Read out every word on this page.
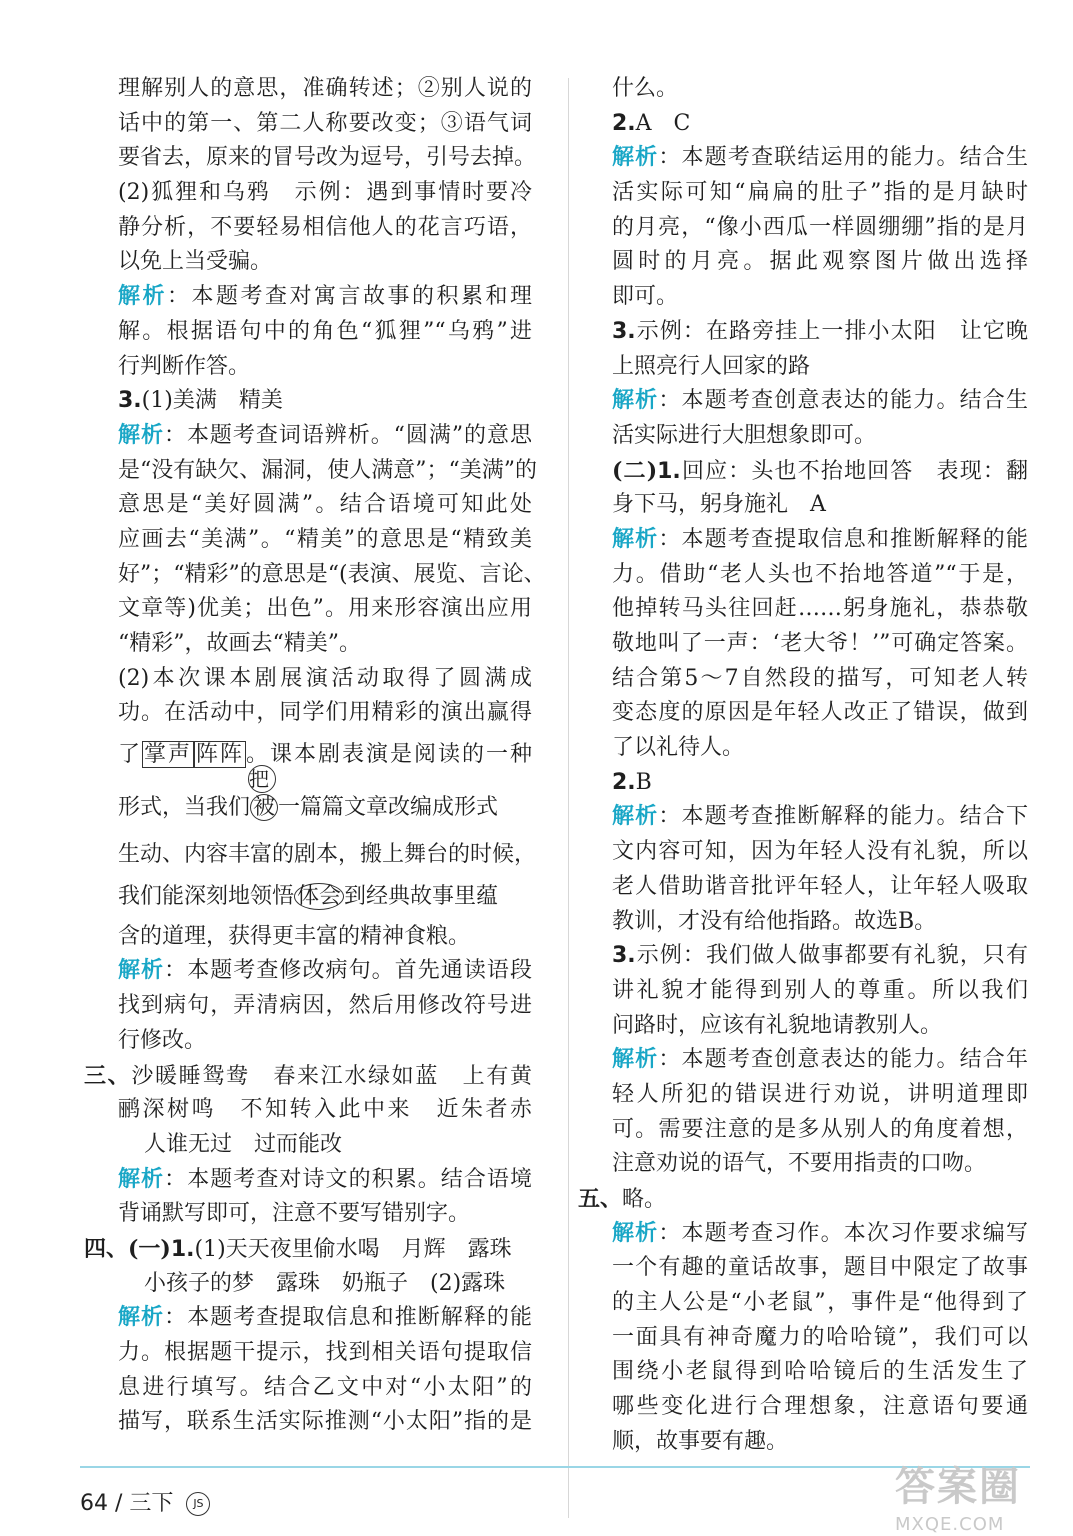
理解别人的意思，准确转述；②别人说的
话中的第一、第二人称要改变；③语气词
要省去，原来的冒号改为逗号，引号去掉。
(2)狐狸和乌鸦　示例：遇到事情时要冷
静分析，不要轻易相信他人的花言巧语，
以免上当受骗。
解析：本题考查对寓言故事的积累和理
解。根据语句中的角色“狐狸”“乌鸦”进
行判断作答。
3.(1)美满　精美
解析：本题考查词语辨析。“圆满”的意思
是“没有缺欠、漏洞，使人满意”；“美满”的
意思是“美好圆满”。结合语境可知此处
应画去“美满”。“精美”的意思是“精致美
好”；“精彩”的意思是“(表演、展览、言论、
文章等)优美；出色”。用来形容演出应用
“精彩”，故画去“精美”。
(2)本次课本剧展演活动取得了圆满成
功。在活动中，同学们用精彩的演出赢得
了掌声 阵阵。课本剧表演是阅读的一种
形式，当我们 被
把
一篇篇文章改编成形式
生动、内容丰富的剧本，搬上舞台的时候，
我们能深刻地领悟 体会 到经典故事里蕴
含的道理，获得更丰富的精神食粮。
解析：本题考查修改病句。首先通读语段
找到病句，弄清病因，然后用修改符号进
行修改。
三、沙暖睡鸳鸯　春来江水绿如蓝　上有黄
鹂深树鸣　不知转入此中来　近朱者赤
人谁无过　过而能改
解析：本题考查对诗文的积累。结合语境
背诵默写即可，注意不要写错别字。
四、(一)1.(1)天天夜里偷水喝　月辉　露珠
小孩子的梦　露珠　奶瓶子　(2)露珠
解析：本题考查提取信息和推断解释的能
力。根据题干提示，找到相关语句提取信
息进行填写。结合乙文中对“小太阳”的
描写，联系生活实际推测“小太阳”指的是
什么。
2.A　C
解析：本题考查联结运用的能力。结合生
活实际可知“扁扁的肚子”指的是月缺时
的月亮，“像小西瓜一样圆绷绷”指的是月
圆时的月亮。据此观察图片做出选择
即可。
3.示例：在路旁挂上一排小太阳　让它晚
上照亮行人回家的路
解析：本题考查创意表达的能力。结合生
活实际进行大胆想象即可。
(二)1.回应：头也不抬地回答　表现：翻
身下马，躬身施礼　A
解析：本题考查提取信息和推断解释的能
力。借助“老人头也不抬地答道”“于是，
他掉转马头往回赶……躬身施礼，恭恭敬
敬地叫了一声：‘老大爷！’”可确定答案。
结合第5～7自然段的描写，可知老人转
变态度的原因是年轻人改正了错误，做到
了以礼待人。
2.B
解析：本题考查推断解释的能力。结合下
文内容可知，因为年轻人没有礼貌，所以
老人借助谐音批评年轻人，让年轻人吸取
教训，才没有给他指路。故选B。
3.示例：我们做人做事都要有礼貌，只有
讲礼貌才能得到别人的尊重。所以我们
问路时，应该有礼貌地请教别人。
解析：本题考查创意表达的能力。结合年
轻人所犯的错误进行劝说，讲明道理即
可。需要注意的是多从别人的角度着想，
注意劝说的语气，不要用指责的口吻。
五、略。
解析：本题考查习作。本次习作要求编写
一个有趣的童话故事，题目中限定了故事
的主人公是“小老鼠”，事件是“他得到了
一面具有神奇魔力的哈哈镜”，我们可以
围绕小老鼠得到哈哈镜后的生活发生了
哪些变化进行合理想象，注意语句要通
顺，故事要有趣。
64 / 三下 JS	答案圈
MXQE.COM
